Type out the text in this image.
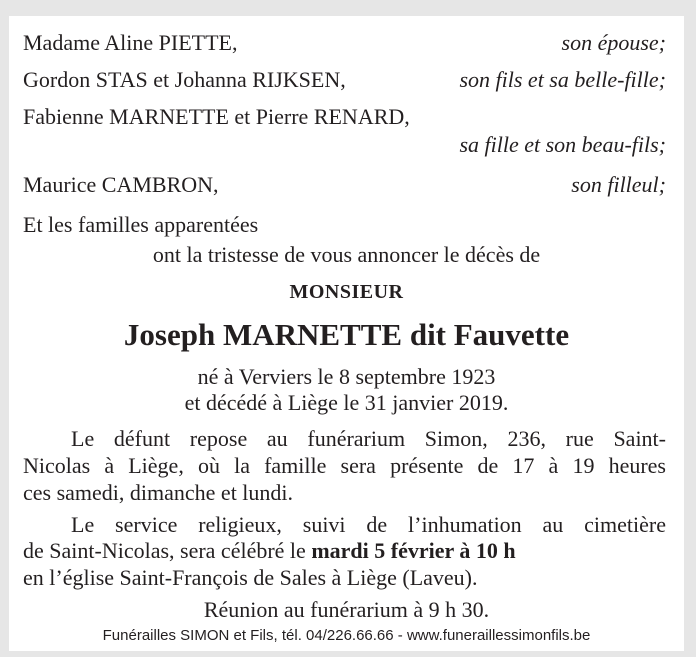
Madame Aline PIETTE,	son épouse;
Gordon STAS et Johanna RIJKSEN,	son fils et sa belle-fille;
Fabienne MARNETTE et Pierre RENARD,
sa fille et son beau-fils;
Maurice CAMBRON,	son filleul;
Et les familles apparentées
ont la tristesse de vous annoncer le décès de
MONSIEUR
Joseph MARNETTE dit Fauvette
né à Verviers le 8 septembre 1923
et décédé à Liège le 31 janvier 2019.
Le défunt repose au funérarium Simon, 236, rue Saint-
Nicolas à Liège, où la famille sera présente de 17 à 19 heures
ces samedi, dimanche et lundi.
Le service religieux, suivi de l’inhumation au cimetière
de Saint-Nicolas, sera célébré le mardi 5 février à 10 h
en l’église Saint-François de Sales à Liège (Laveu).
Réunion au funérarium à 9 h 30.
Funérailles SIMON et Fils, tél. 04/226.66.66 - www.funeraillessimonfils.be
